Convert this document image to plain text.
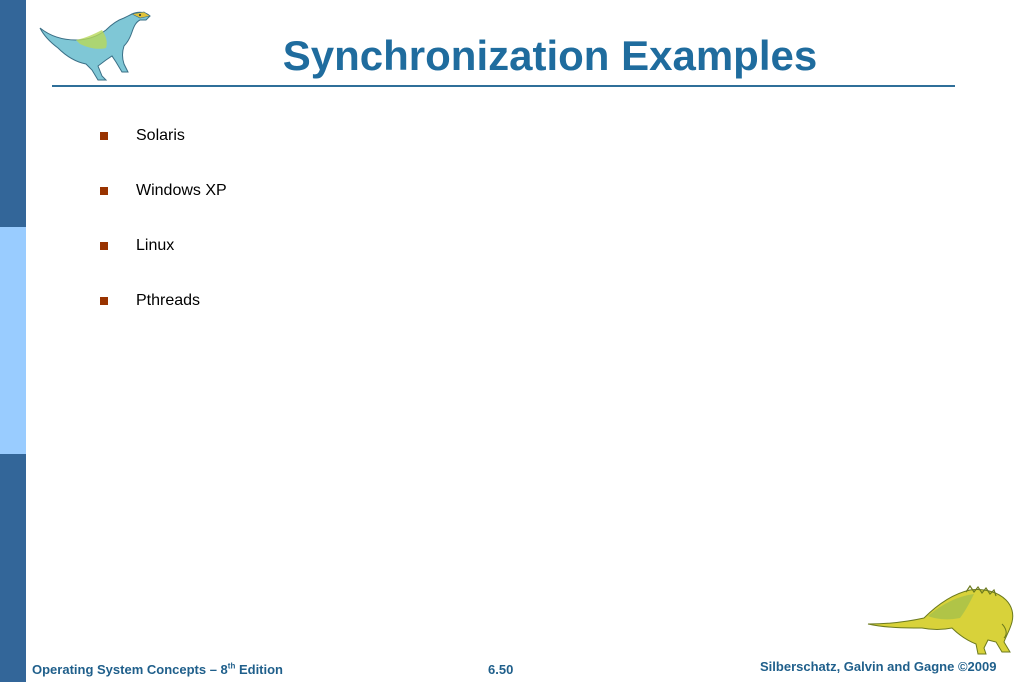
Synchronization Examples
Solaris
Windows XP
Linux
Pthreads
Operating System Concepts – 8th Edition	6.50	Silberschatz, Galvin and Gagne ©2009
